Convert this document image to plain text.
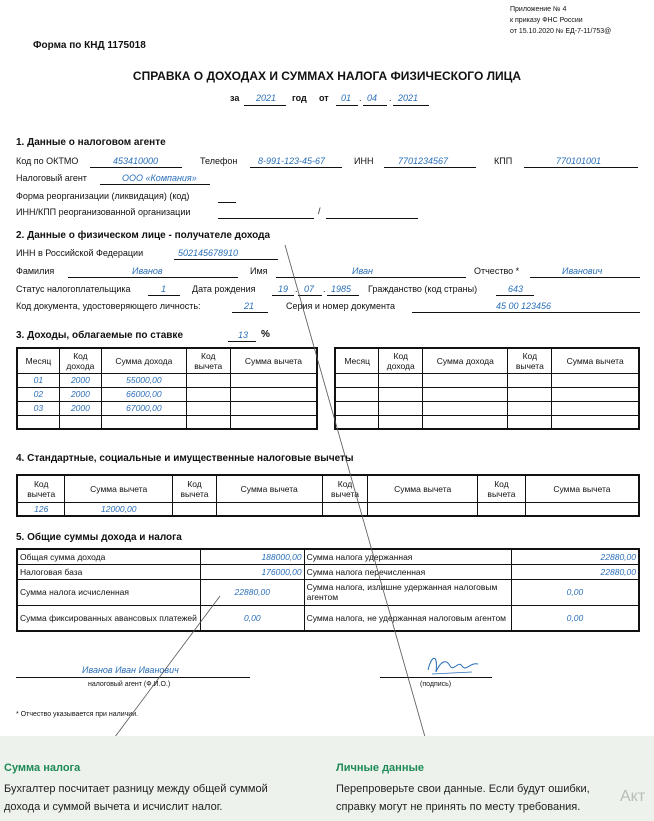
Приложение № 4
к приказу ФНС России
от 15.10.2020 № ЕД-7-11/753@
Форма по КНД 1175018
СПРАВКА О ДОХОДАХ И СУММАХ НАЛОГА ФИЗИЧЕСКОГО ЛИЦА
за 2021 год от 01 . 04 . 2021
1. Данные о налоговом агенте
Код по ОКТМО	453410000	Телефон 8-991-123-45-67	ИНН	7701234567	КПП	770101001
Налоговый агент	ООО «Компания»
Форма реорганизации (ликвидация) (код)
ИНН/КПП реорганизованной организации	/
2. Данные о физическом лице - получателе дохода
ИНН в Российской Федерации	502145678910
Фамилия	Иванов	Имя	Иван	Отчество *	Иванович
Статус налогоплательщика	1	Дата рождения	19 . 07 . 1985 Гражданство (код страны)	643
Код документа, удостоверяющего личность:	21	Серия и номер документа	45 00 123456
3. Доходы, облагаемые по ставке	13 %
Месяц	Код дохода	Сумма дохода	Код вычета	Сумма вычета
01	2000	55000,00		
02	2000	66000,00		
03	2000	67000,00		

Месяц	Код дохода	Сумма дохода	Код вычета	Сумма вычета

4. Стандартные, социальные и имущественные налоговые вычеты
Код вычета	Сумма вычета	Код вычета	Сумма вычета	Код вычета	Сумма вычета	Код вычета	Сумма вычета
126	12000,00						
5. Общие суммы дохода и налога
Общая сумма дохода	188000,00	Сумма налога удержанная	22880,00
Налоговая база	176000,00	Сумма налога перечисленная	22880,00
Сумма налога исчисленная	22880,00	Сумма налога, излишне удержанная налоговым агентом	0,00
Сумма фиксированных авансовых платежей	0,00	Сумма налога, не удержанная налоговым агентом	0,00
Иванов Иван Иванович
налоговый агент (Ф.И.О.)	(подпись)
* Отчество указывается при наличии.
Сумма налога
Бухгалтер посчитает разницу между общей суммой
дохода и суммой вычета и исчислит налог.
Личные данные
Перепроверьте свои данные. Если будут ошибки,
справку могут не принять по месту требования.
Акт
